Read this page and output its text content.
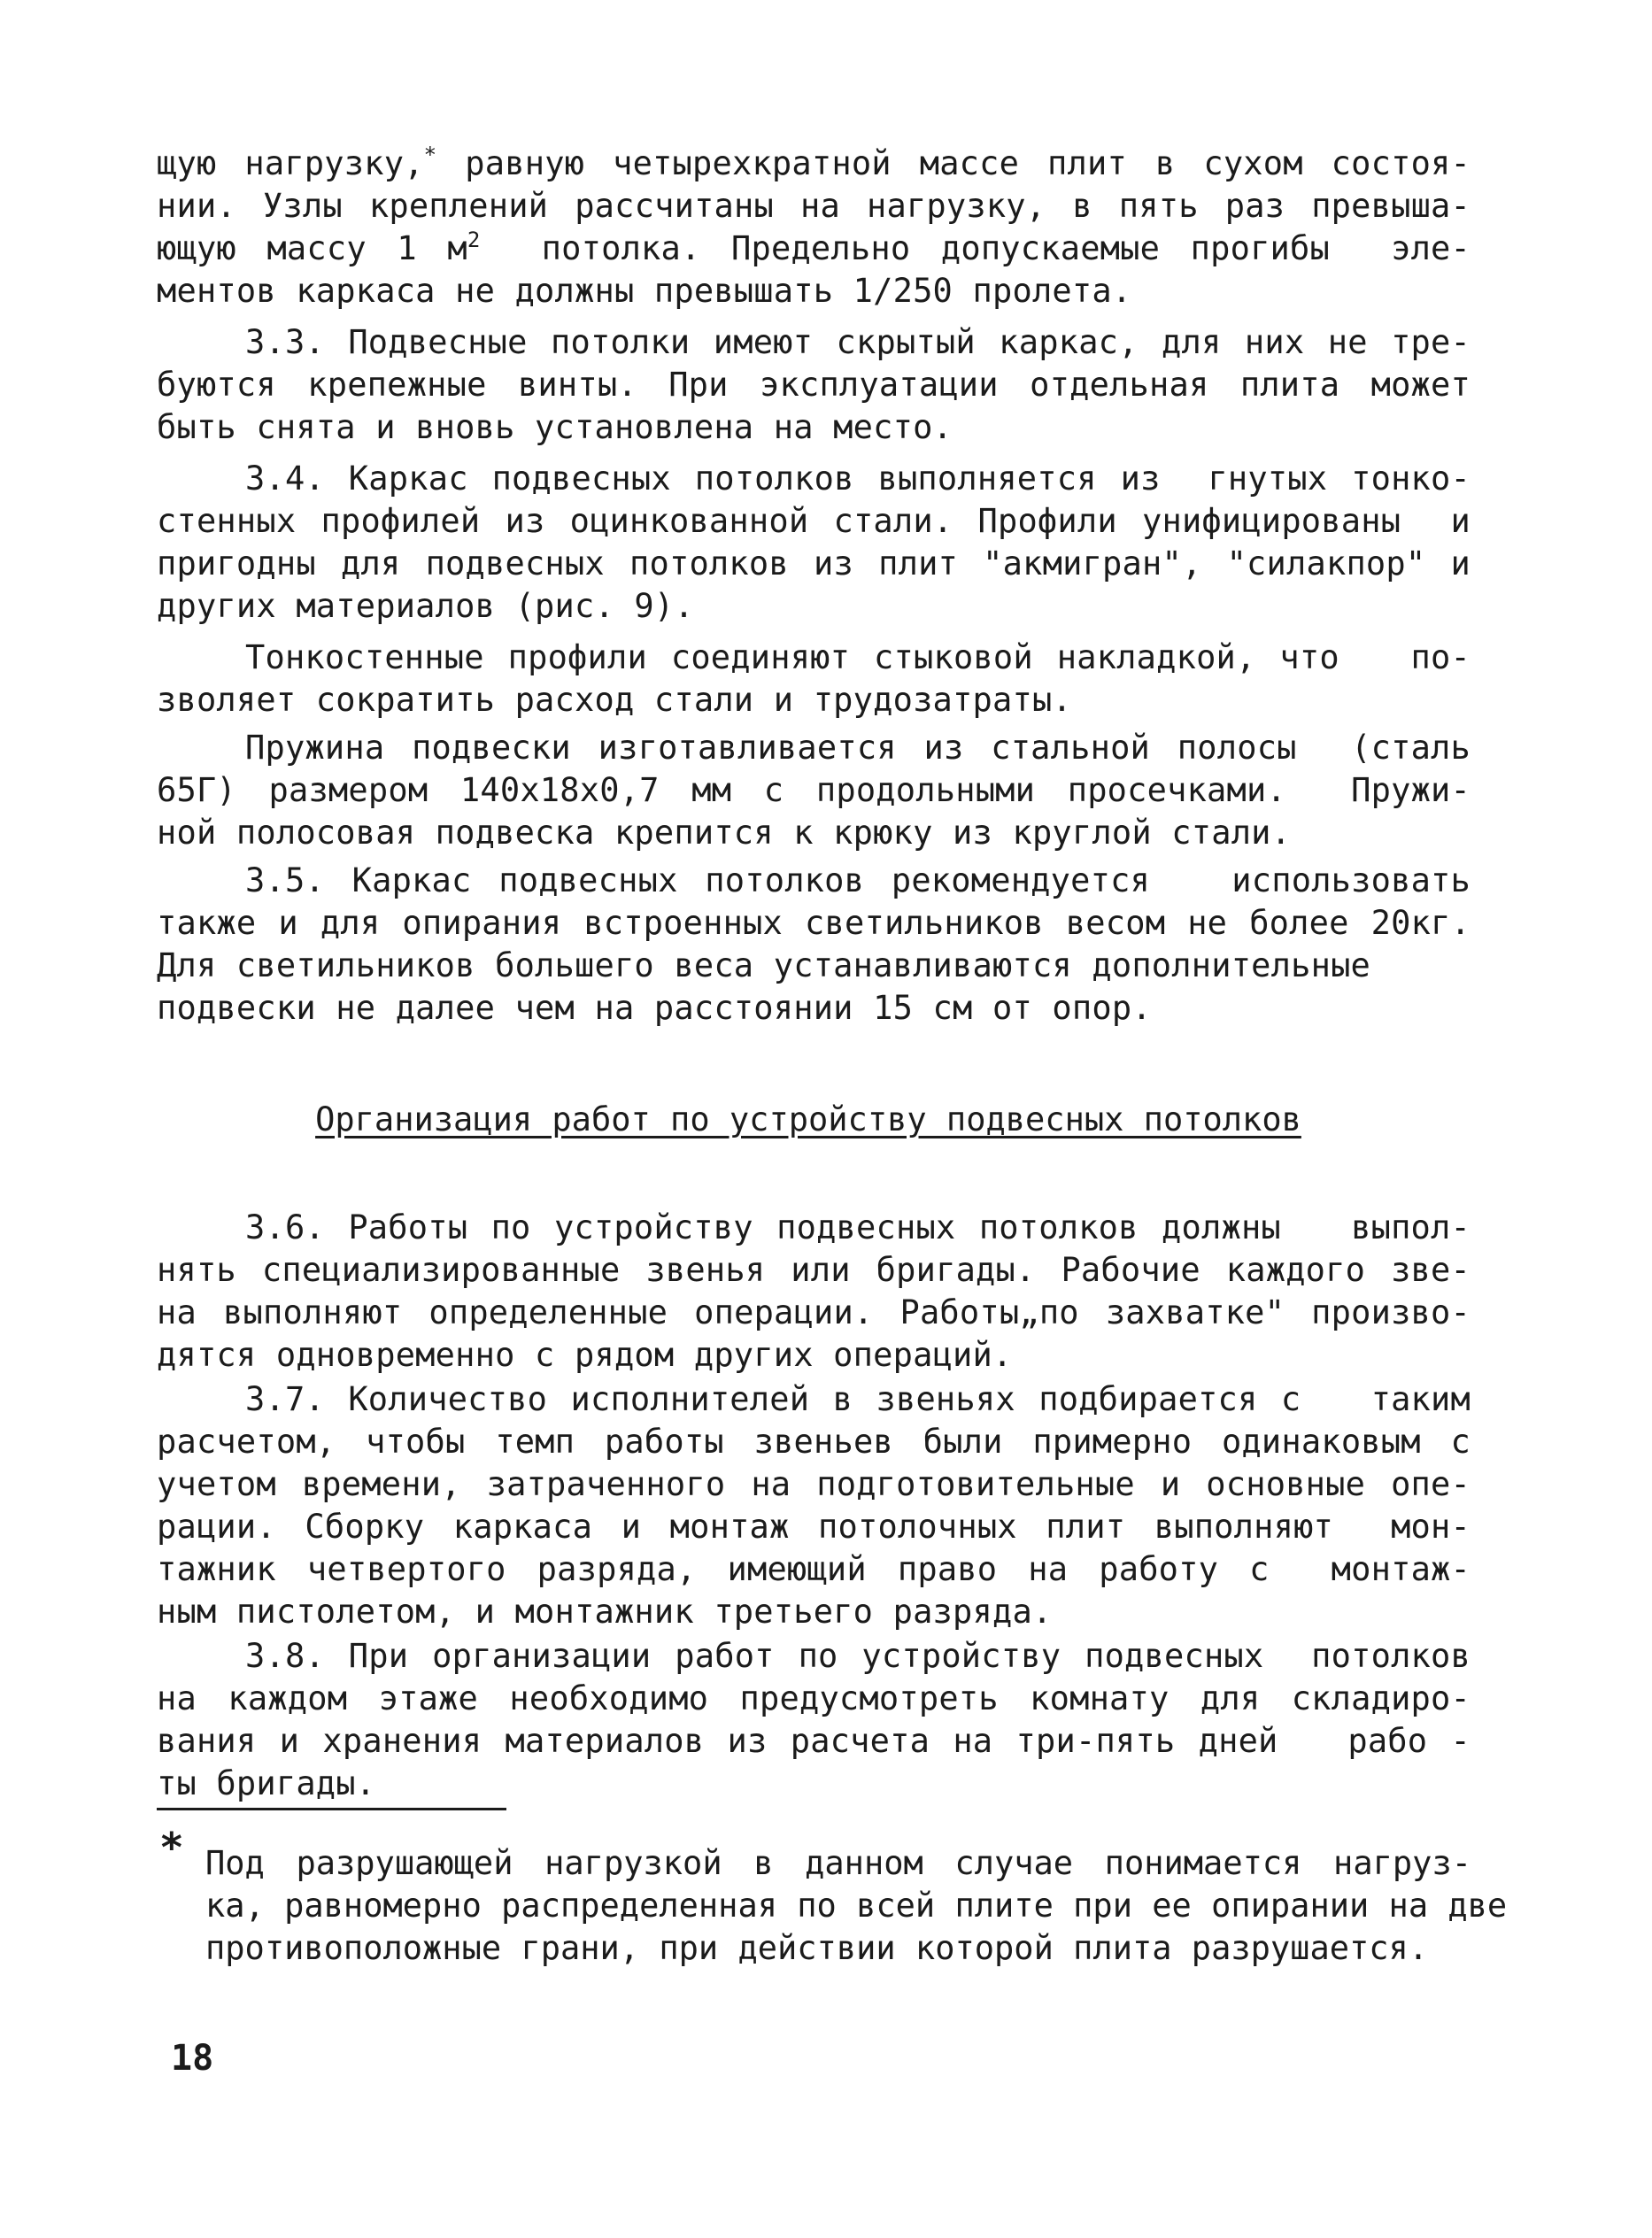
щую нагрузку,* равную четырехкратной массе плит в сухом состоя-
нии. Узлы креплений рассчитаны на нагрузку, в пять раз превыша-
ющую массу 1 $м^2$ потолка. Предельно допускаемые прогибы  эле-
ментов каркаса не должны превышать 1/250 пролета.
3.3. Подвесные потолки имеют скрытый каркас, для них не тре-
буются крепежные винты. При эксплуатации отдельная плита может
быть снята и вновь установлена на место.
3.4. Каркас подвесных потолков выполняется из  гнутых тонко-
стенных профилей из оцинкованной стали. Профили унифицированы  и
пригодны для подвесных потолков из плит "акмигран", "силакпор" и
других материалов (рис. 9).
Тонкостенные профили соединяют стыковой накладкой, что   по-
зволяет сократить расход стали и трудозатраты.
Пружина подвески изготавливается из стальной полосы  (сталь
65Г) размером 140х18х0,7 мм с продольными просечками.  Пружи-
ной полосовая подвеска крепится к крюку из круглой стали.
3.5. Каркас подвесных потолков рекомендуется   использовать
также и для опирания встроенных светильников весом не более 20кг.
Для светильников большего веса устанавливаются дополнительные
подвески не далее чем на расстоянии 15 см от опор.
Организация работ по устройству подвесных потолков
3.6. Работы по устройству подвесных потолков должны   выпол-
нять специализированные звенья или бригады. Рабочие каждого зве-
на выполняют определенные операции. Работы„по захватке" произво-
дятся одновременно с рядом других операций.
3.7. Количество исполнителей в звеньях подбирается с   таким
расчетом, чтобы темп работы звеньев были примерно одинаковым с
учетом времени, затраченного на подготовительные и основные опе-
рации. Сборку каркаса и монтаж потолочных плит выполняют  мон-
тажник четвертого разряда, имеющий право на работу с  монтаж-
ным пистолетом, и монтажник третьего разряда.
3.8. При организации работ по устройству подвесных  потолков
на каждом этаже необходимо предусмотреть комнату для складиро-
вания и хранения материалов из расчета на три-пять дней   рабо -
ты бригады.
* Под разрушающей нагрузкой в данном случае понимается нагруз-
ка, равномерно распределенная по всей плите при ее опирании на две
противоположные грани, при действии которой плита разрушается.
18
